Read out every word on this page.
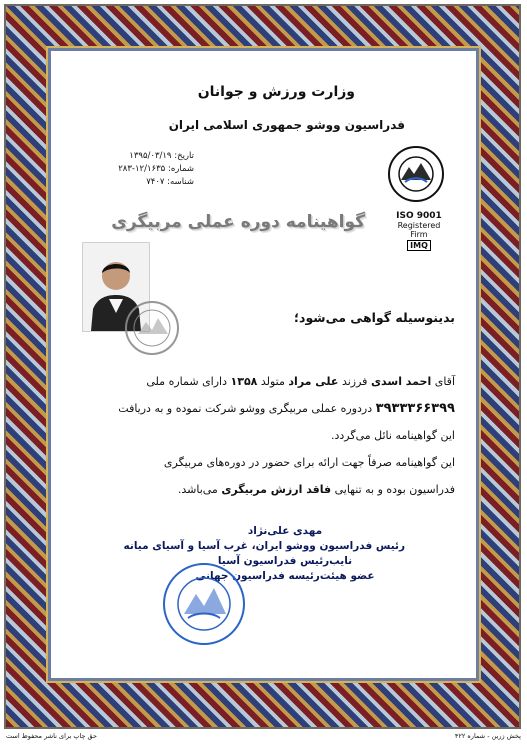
وزارت ورزش و جوانان
فدراسیون ووشو جمهوری اسلامی ایران
تاریخ: ۱۳۹۵/۰۳/۱۹
شماره: ۱۲/۱۶۳۵-۲۸۳
شناسه: ۷۴۰۷
ISO 9001
Registered Firm
IMQ
گواهینامه دوره عملی مربیگری
بدینوسیله گواهی می‌شود؛
آقای احمد اسدی فرزند علی مراد متولد ۱۳۵۸ دارای شماره ملی
۳۹۳۳۳۶۶۳۹۹ دردوره عملی مربیگری ووشو شرکت نموده و به دریافت
این گواهینامه نائل می‌گردد.
این گواهینامه صرفاً جهت ارائه برای حضور در دوره‌های مربیگری
فدراسیون بوده و به تنهایی فاقد ارزش مربیگری می‌باشد.
مهدی علی‌نژاد
رئیس فدراسیون ووشو ایران، غرب آسیا و آسیای میانه
نایب‌رئیس فدراسیون آسیا
عضو هیئت‌رئیسه فدراسیون جهانی
حق چاپ برای ناشر محفوظ است	پخش زرین - شماره ۴۲۲
